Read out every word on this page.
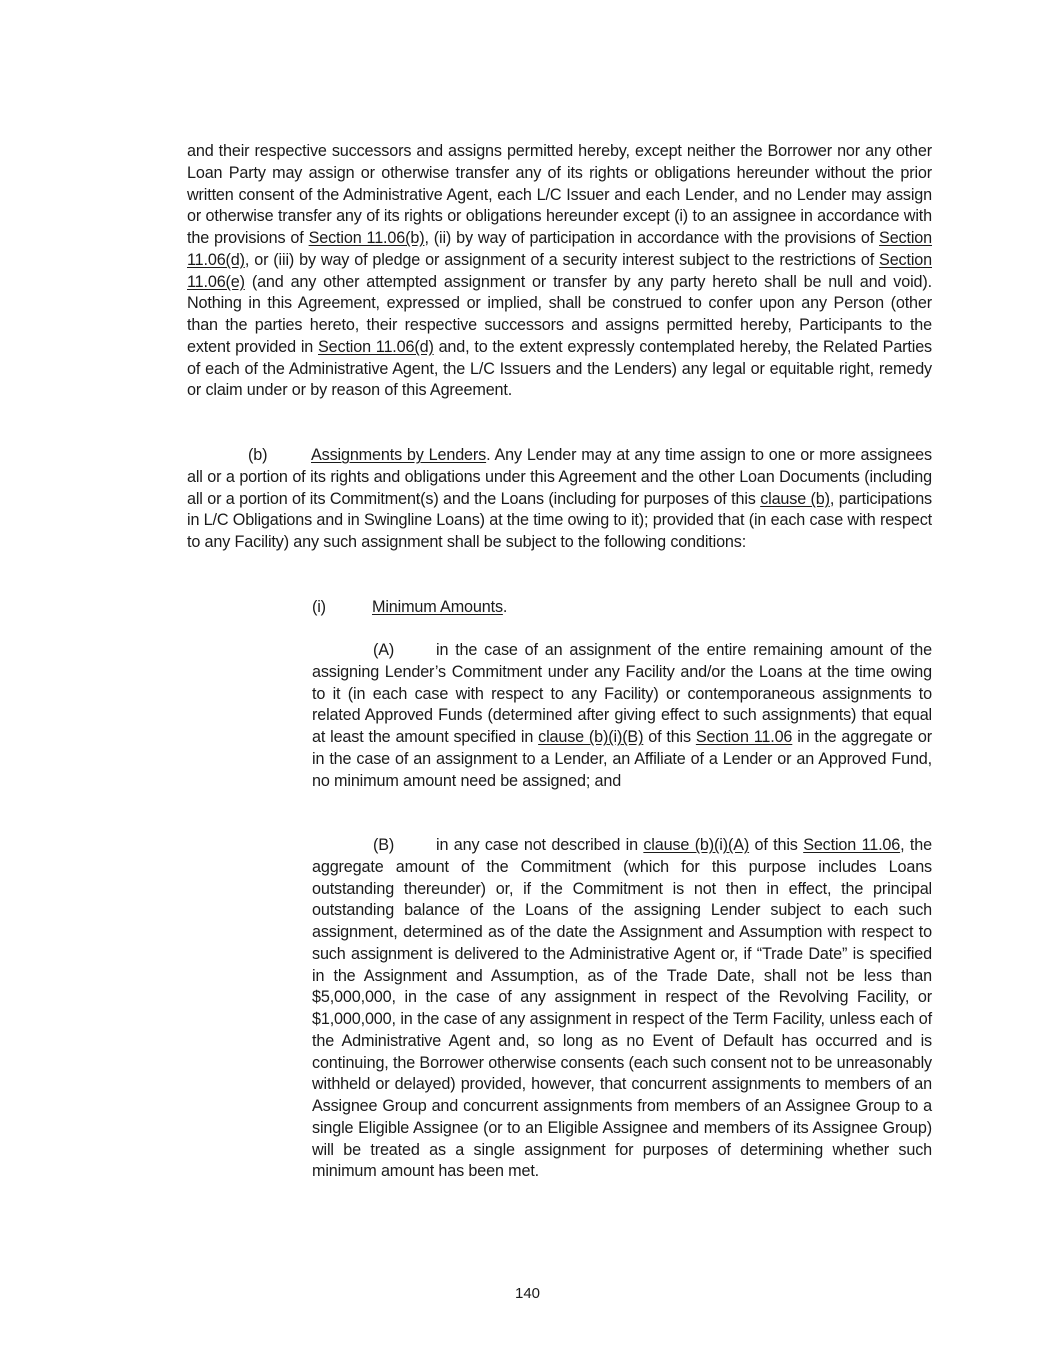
and their respective successors and assigns permitted hereby, except neither the Borrower nor any other Loan Party may assign or otherwise transfer any of its rights or obligations hereunder without the prior written consent of the Administrative Agent, each L/C Issuer and each Lender, and no Lender may assign or otherwise transfer any of its rights or obligations hereunder except (i) to an assignee in accordance with the provisions of Section 11.06(b), (ii) by way of participation in accordance with the provisions of Section 11.06(d), or (iii) by way of pledge or assignment of a security interest subject to the restrictions of Section 11.06(e) (and any other attempted assignment or transfer by any party hereto shall be null and void). Nothing in this Agreement, expressed or implied, shall be construed to confer upon any Person (other than the parties hereto, their respective successors and assigns permitted hereby, Participants to the extent provided in Section 11.06(d) and, to the extent expressly contemplated hereby, the Related Parties of each of the Administrative Agent, the L/C Issuers and the Lenders) any legal or equitable right, remedy or claim under or by reason of this Agreement.

(b)	Assignments by Lenders. Any Lender may at any time assign to one or more assignees all or a portion of its rights and obligations under this Agreement and the other Loan Documents (including all or a portion of its Commitment(s) and the Loans (including for purposes of this clause (b), participations in L/C Obligations and in Swingline Loans) at the time owing to it); provided that (in each case with respect to any Facility) any such assignment shall be subject to the following conditions:

(i)	Minimum Amounts.

(A)	in the case of an assignment of the entire remaining amount of the assigning Lender’s Commitment under any Facility and/or the Loans at the time owing to it (in each case with respect to any Facility) or contemporaneous assignments to related Approved Funds (determined after giving effect to such assignments) that equal at least the amount specified in clause (b)(i)(B) of this Section 11.06 in the aggregate or in the case of an assignment to a Lender, an Affiliate of a Lender or an Approved Fund, no minimum amount need be assigned; and

(B)	in any case not described in clause (b)(i)(A) of this Section 11.06, the aggregate amount of the Commitment (which for this purpose includes Loans outstanding thereunder) or, if the Commitment is not then in effect, the principal outstanding balance of the Loans of the assigning Lender subject to each such assignment, determined as of the date the Assignment and Assumption with respect to such assignment is delivered to the Administrative Agent or, if “Trade Date” is specified in the Assignment and Assumption, as of the Trade Date, shall not be less than $5,000,000, in the case of any assignment in respect of the Revolving Facility, or $1,000,000, in the case of any assignment in respect of the Term Facility, unless each of the Administrative Agent and, so long as no Event of Default has occurred and is continuing, the Borrower otherwise consents (each such consent not to be unreasonably withheld or delayed) provided, however, that concurrent assignments to members of an Assignee Group and concurrent assignments from members of an Assignee Group to a single Eligible Assignee (or to an Eligible Assignee and members of its Assignee Group) will be treated as a single assignment for purposes of determining whether such minimum amount has been met.

140
